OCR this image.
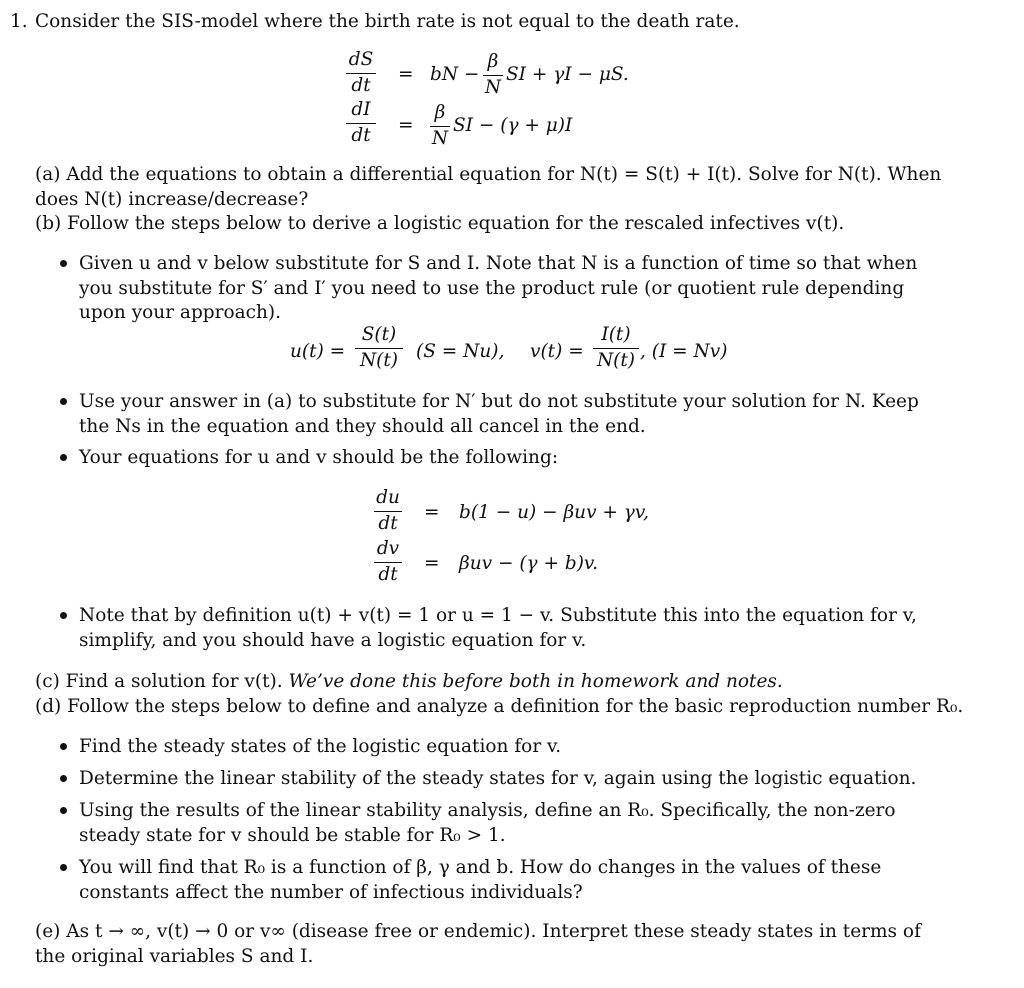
1. Consider the SIS-model where the birth rate is not equal to the death rate.
dS
dt = bN −
β
N
SI + γI − μS.
dI
dt =
β
N
SI − (γ + μ)I
(a) Add the equations to obtain a differential equation for N(t) = S(t) + I(t). Solve for N(t). When does N(t) increase/decrease?
(b) Follow the steps below to derive a logistic equation for the rescaled infectives v(t).
Given u and v below substitute for S and I. Note that N is a function of time so that when you substitute for S′ and I′ you need to use the product rule (or quotient rule depending upon your approach).
u(t) =
S(t)
N(t) (S = Nu), v(t) =
I(t)
N(t) , (I = Nv)
Use your answer in (a) to substitute for N′ but do not substitute your solution for N. Keep the Ns in the equation and they should all cancel in the end.
Your equations for u and v should be the following:
du
dt = b(1 − u) − βuv + γv,
dv
dt = βuv − (γ + b)v.
Note that by definition u(t) + v(t) = 1 or u = 1 − v. Substitute this into the equation for v, simplify, and you should have a logistic equation for v.
(c) Find a solution for v(t). We’ve done this before both in homework and notes.
(d) Follow the steps below to define and analyze a definition for the basic reproduction number R₀.
Find the steady states of the logistic equation for v.
Determine the linear stability of the steady states for v, again using the logistic equation.
Using the results of the linear stability analysis, define an R₀. Specifically, the non-zero steady state for v should be stable for R₀ > 1.
You will find that R₀ is a function of β, γ and b. How do changes in the values of these constants affect the number of infectious individuals?
(e) As t → ∞, v(t) → 0 or v∞ (disease free or endemic). Interpret these steady states in terms of the original variables S and I.
